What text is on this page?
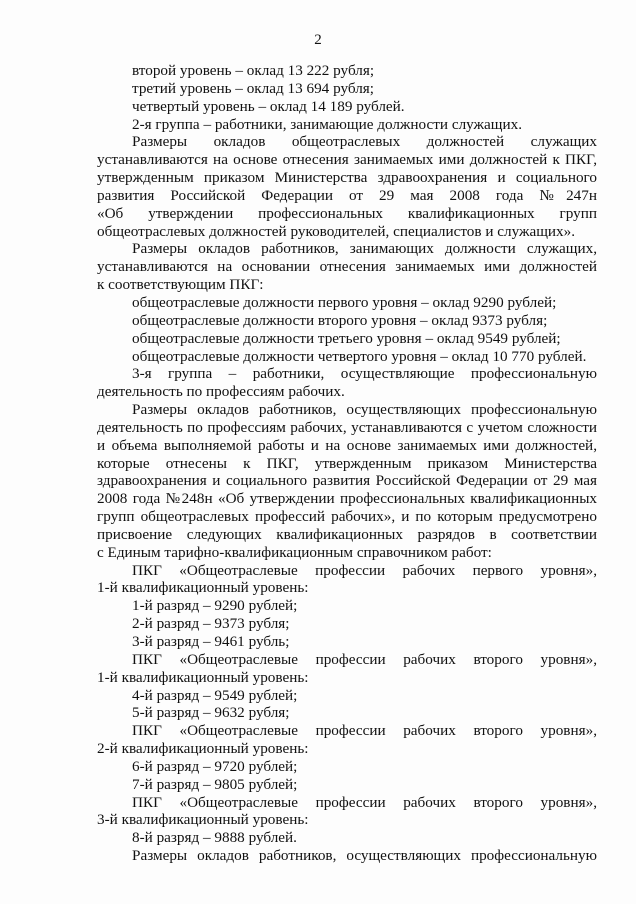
2
второй уровень – оклад 13 222 рубля;
третий уровень – оклад 13 694 рубля;
четвертый уровень – оклад 14 189 рублей.
2-я группа – работники, занимающие должности служащих.
Размеры окладов общеотраслевых должностей служащих
устанавливаются на основе отнесения занимаемых ими должностей к ПКГ,
утвержденным приказом Министерства здравоохранения и социального
развития Российской Федерации от 29 мая 2008 года №247н
«Об утверждении профессиональных квалификационных групп
общеотраслевых должностей руководителей, специалистов и служащих».
Размеры окладов работников, занимающих должности служащих,
устанавливаются на основании отнесения занимаемых ими должностей
к соответствующим ПКГ:
общеотраслевые должности первого уровня – оклад 9290 рублей;
общеотраслевые должности второго уровня – оклад 9373 рубля;
общеотраслевые должности третьего уровня – оклад 9549 рублей;
общеотраслевые должности четвертого уровня – оклад 10 770 рублей.
3-я группа – работники, осуществляющие профессиональную
деятельность по профессиям рабочих.
Размеры окладов работников, осуществляющих профессиональную
деятельность по профессиям рабочих, устанавливаются с учетом сложности
и объема выполняемой работы и на основе занимаемых ими должностей,
которые отнесены к ПКГ, утвержденным приказом Министерства
здравоохранения и социального развития Российской Федерации от 29 мая
2008 года №248н «Об утверждении профессиональных квалификационных
групп общеотраслевых профессий рабочих», и по которым предусмотрено
присвоение следующих квалификационных разрядов в соответствии
с Единым тарифно-квалификационным справочником работ:
ПКГ «Общеотраслевые профессии рабочих первого уровня»,
1-й квалификационный уровень:
1-й разряд – 9290 рублей;
2-й разряд – 9373 рубля;
3-й разряд – 9461 рубль;
ПКГ «Общеотраслевые профессии рабочих второго уровня»,
1-й квалификационный уровень:
4-й разряд – 9549 рублей;
5-й разряд – 9632 рубля;
ПКГ «Общеотраслевые профессии рабочих второго уровня»,
2-й квалификационный уровень:
6-й разряд – 9720 рублей;
7-й разряд – 9805 рублей;
ПКГ «Общеотраслевые профессии рабочих второго уровня»,
3-й квалификационный уровень:
8-й разряд – 9888 рублей.
Размеры окладов работников, осуществляющих профессиональную
